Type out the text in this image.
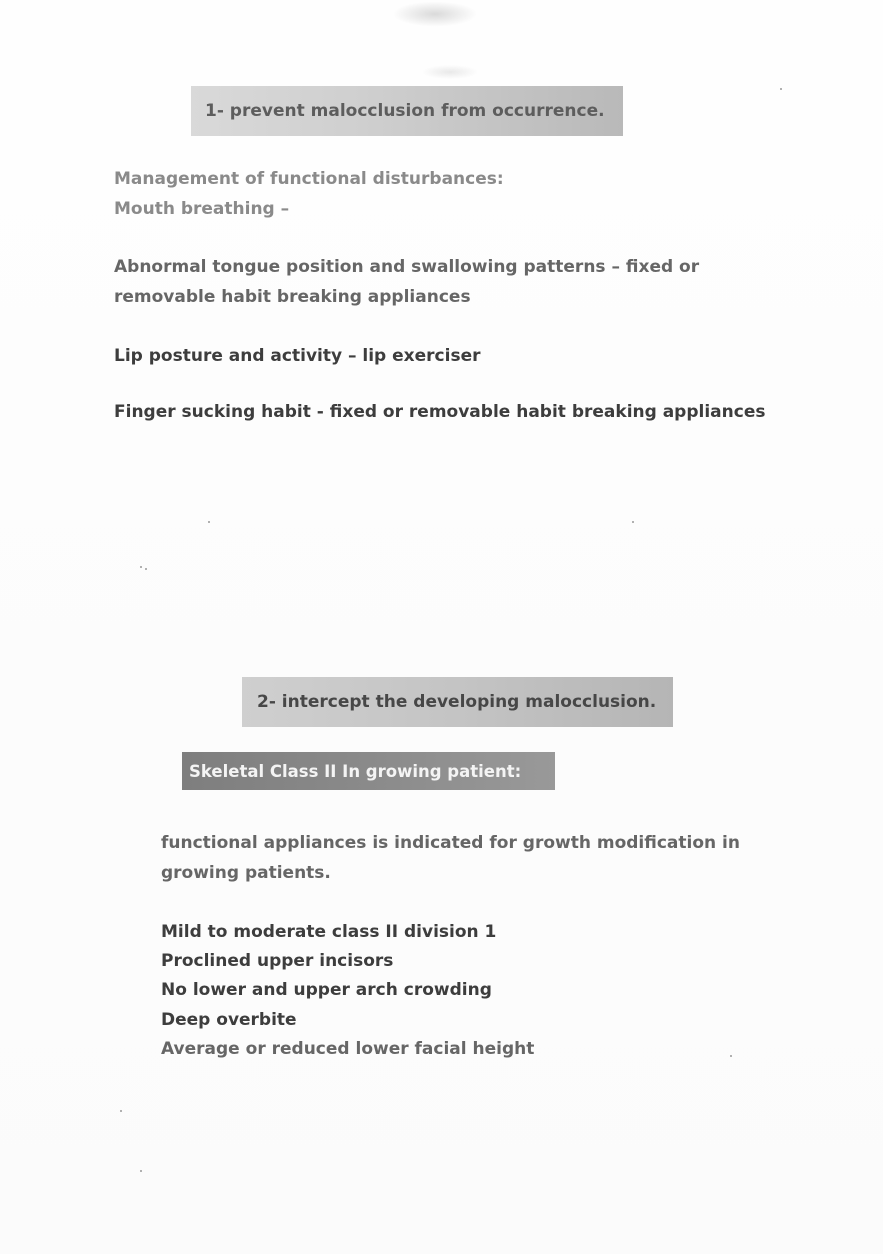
1- prevent malocclusion from occurrence.
Management of functional disturbances:
Mouth breathing –
Abnormal tongue position and swallowing patterns – fixed or
removable habit breaking appliances
Lip posture and activity – lip exerciser
Finger sucking habit - fixed or removable habit breaking appliances
2- intercept the developing malocclusion.
Skeletal Class II In growing patient:
functional appliances is indicated for growth modification in
growing patients.
Mild to moderate class II division 1
Proclined upper incisors
No lower and upper arch crowding
Deep overbite
Average or reduced lower facial height
